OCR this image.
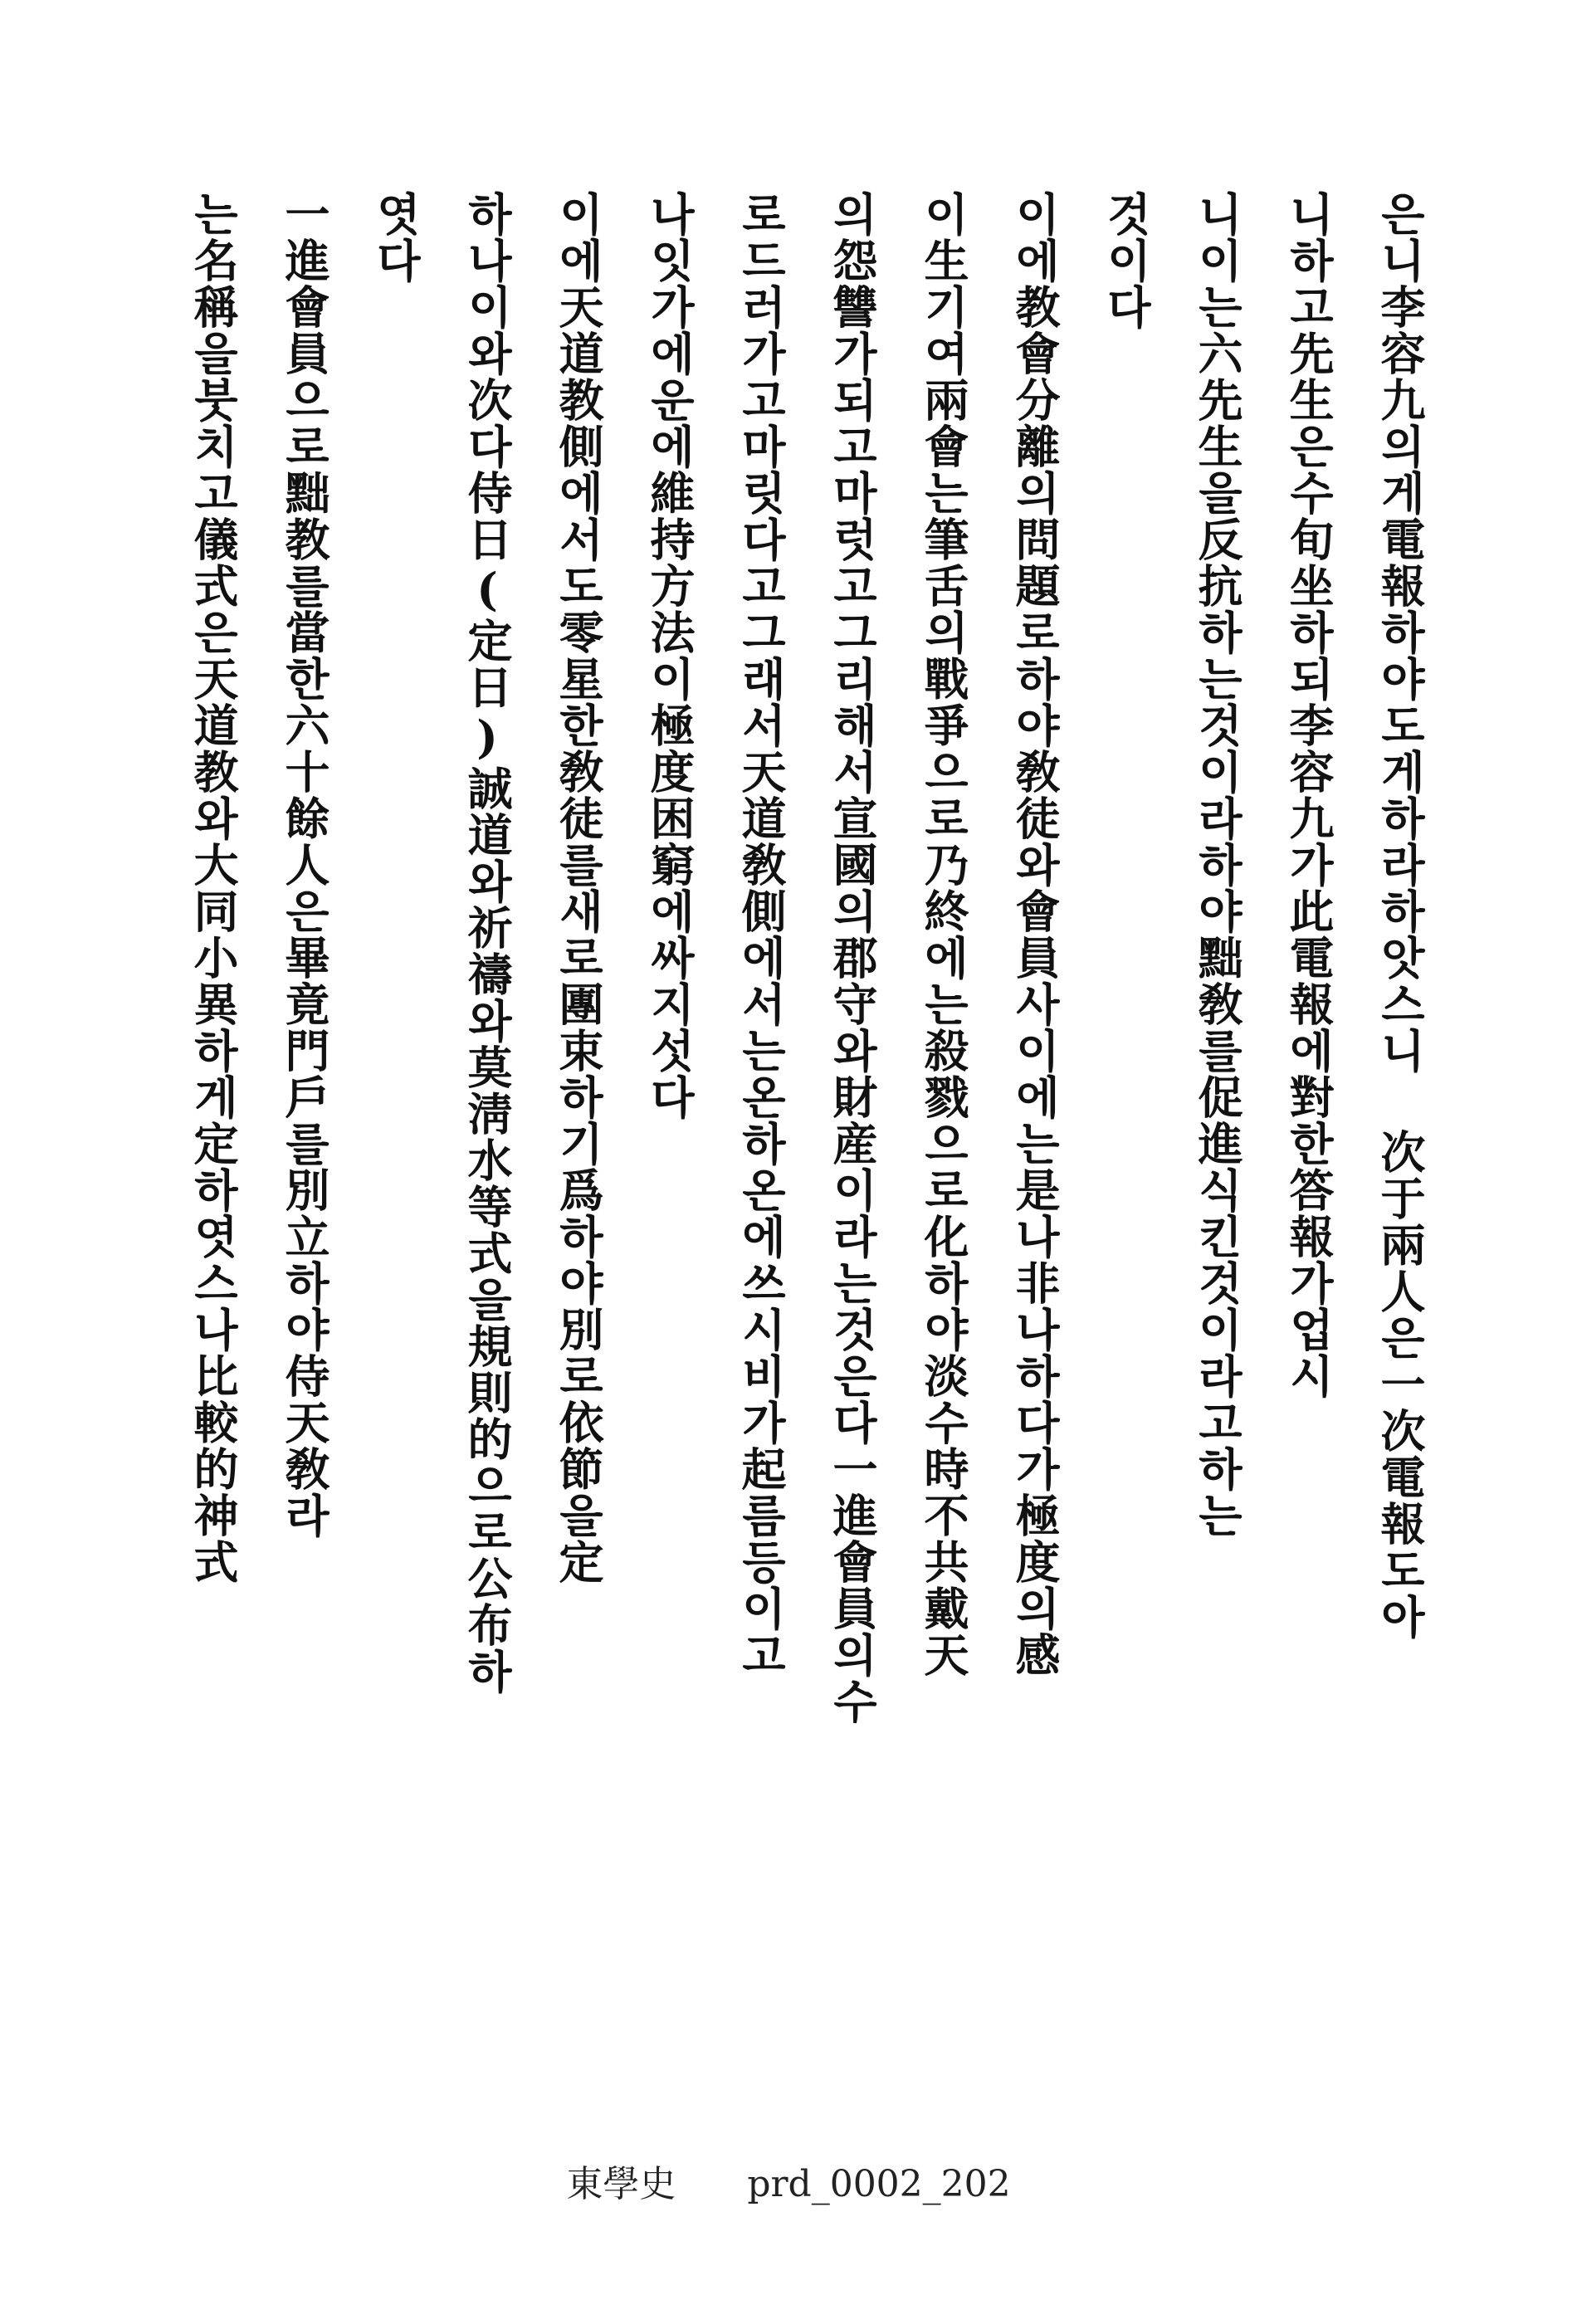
은니李容九의게電報하야도게하라하앗스니 次于兩人은一次電報도아
니하고先生은수旬坐하되李容九가此電報에對한答報가업시
니이는六先生을反抗하는것이라하야黜敎를促進식킨것이라고하는
것이다
이에教會分離의問題로하야敎徒와會員사이에는是나非나하다가極度의感
이生기여兩會는筆舌의戰爭으로乃終에는殺戮으로化하야淡수時不共戴天
의怨讐가되고마럿고그리해서宣國의郡守와財産이라는것은다一進會員의수
로드러가고마릿다고그래서天道敎側에서는온하온에쓰시비가起름등이고
나잇가에운에維持方法이極度困窮에싸지섯다
이에天道教側에서도零星한敎徒를새로團束하기爲하야別로依節을定
하나이와次다侍日(定日)誠道와祈禱와莫淸水等式을規則的으로公布하
엿다
一進會員으로黜教를當한六十餘人은畢竟門戶를別立하야侍天敎라
는名稱을붓치고儀式은天道教와大同小異하게定하엿스나比較的神式
東學史 prd_0002_202
